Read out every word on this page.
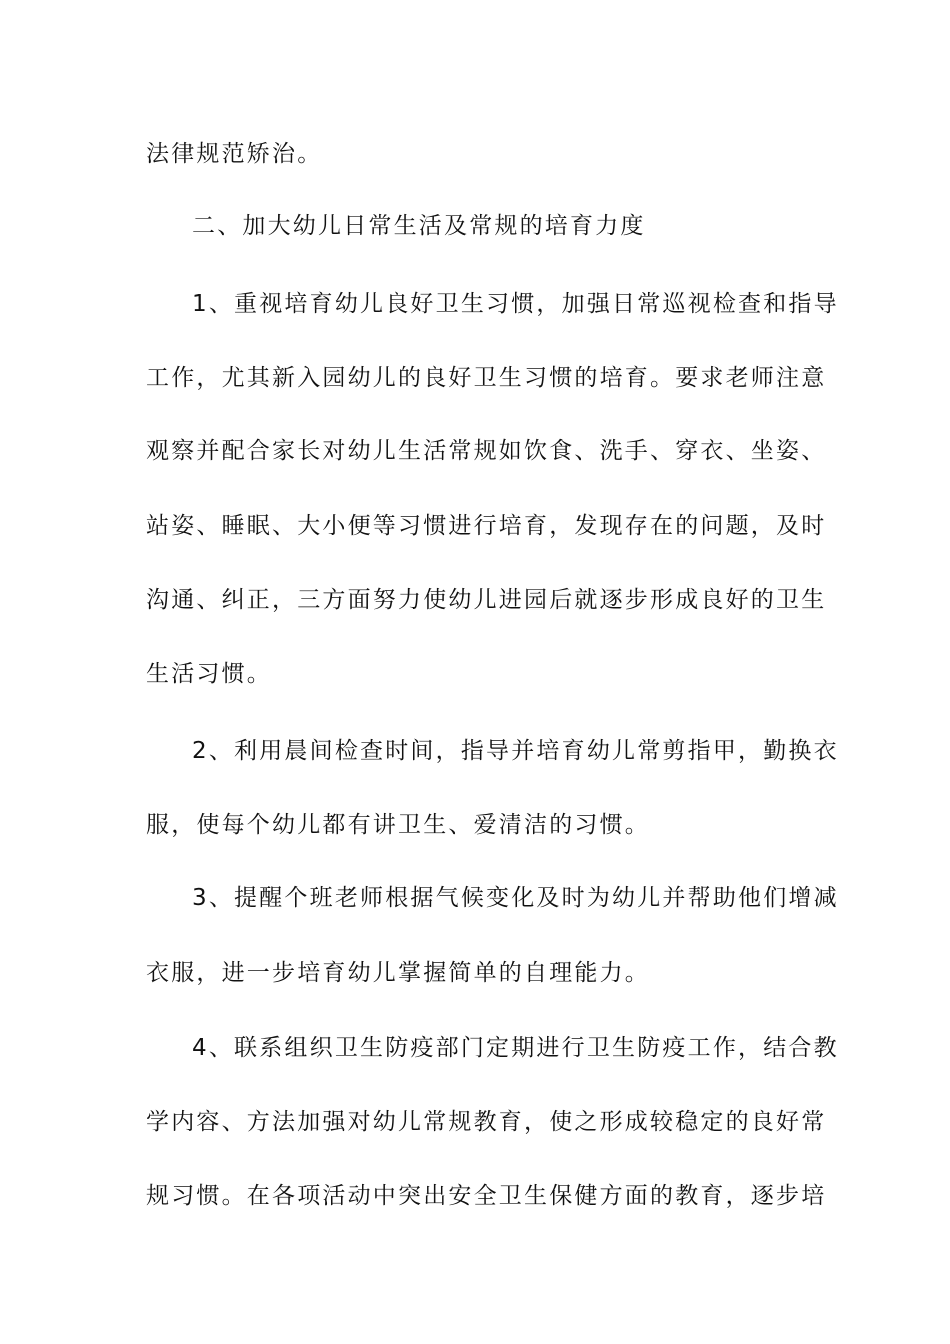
法律规范矫治。
二、加大幼儿日常生活及常规的培育力度
1、重视培育幼儿良好卫生习惯，加强日常巡视检查和指导
工作，尤其新入园幼儿的良好卫生习惯的培育。要求老师注意
观察并配合家长对幼儿生活常规如饮食、洗手、穿衣、坐姿、
站姿、睡眠、大小便等习惯进行培育，发现存在的问题，及时
沟通、纠正，三方面努力使幼儿进园后就逐步形成良好的卫生
生活习惯。
2、利用晨间检查时间，指导并培育幼儿常剪指甲，勤换衣
服，使每个幼儿都有讲卫生、爱清洁的习惯。
3、提醒个班老师根据气候变化及时为幼儿并帮助他们增减
衣服，进一步培育幼儿掌握简单的自理能力。
4、联系组织卫生防疫部门定期进行卫生防疫工作，结合教
学内容、方法加强对幼儿常规教育，使之形成较稳定的良好常
规习惯。在各项活动中突出安全卫生保健方面的教育，逐步培
